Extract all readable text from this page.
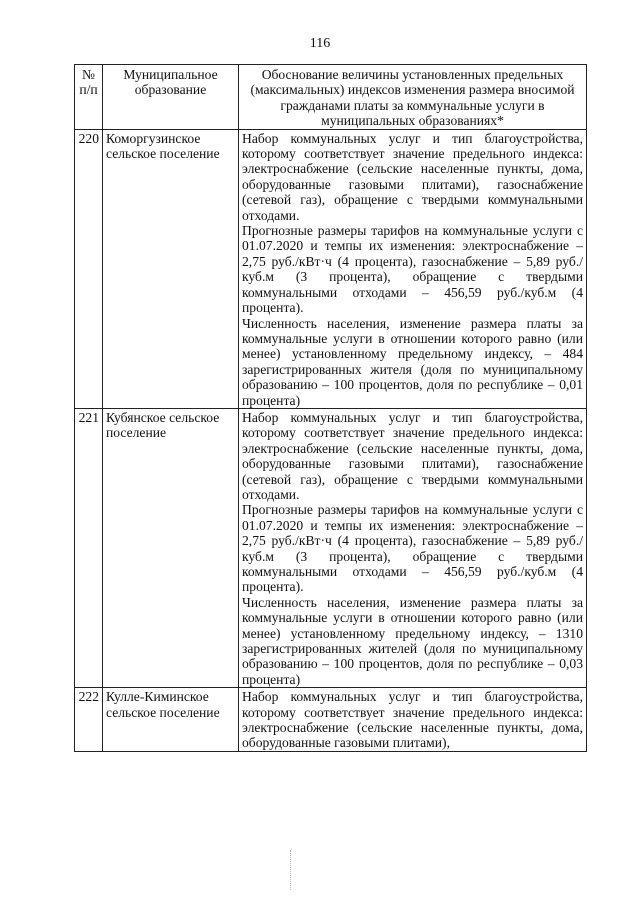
116
№ п/п	Муниципальное образование	Обоснование величины установленных предельных (максимальных) индексов изменения размера вносимой гражданами платы за коммунальные услуги в муниципальных образованиях*
220	Коморгузинское сельское поселение	Набор коммунальных услуг и тип благоустройства, которому соответствует значение предельного индекса: электроснабжение (сельские населенные пункты, дома, оборудованные газовыми плитами), газоснабжение (сетевой газ), обращение с твердыми коммунальными отходами.

Прогнозные размеры тарифов на коммунальные услуги с 01.07.2020 и темпы их изменения: электроснабжение – 2,75 руб./кВт·ч (4 процента), газоснабжение – 5,89 руб./куб.м (3 процента), обращение с твердыми коммунальными отходами – 456,59 руб./куб.м (4 процента).

Численность населения, изменение размера платы за коммунальные услуги в отношении которого равно (или менее) установленному предельному индексу, – 484 зарегистрированных жителя (доля по муниципальному образованию – 100 процентов, доля по республике – 0,01 процента)

221	Кубянское сельское поселение	Набор коммунальных услуг и тип благоустройства, которому соответствует значение предельного индекса: электроснабжение (сельские населенные пункты, дома, оборудованные газовыми плитами), газоснабжение (сетевой газ), обращение с твердыми коммунальными отходами.

Прогнозные размеры тарифов на коммунальные услуги с 01.07.2020 и темпы их изменения: электроснабжение – 2,75 руб./кВт·ч (4 процента), газоснабжение – 5,89 руб./куб.м (3 процента), обращение с твердыми коммунальными отходами – 456,59 руб./куб.м (4 процента).

Численность населения, изменение размера платы за коммунальные услуги в отношении которого равно (или менее) установленному предельному индексу, – 1310 зарегистрированных жителей (доля по муниципальному образованию – 100 процентов, доля по республике – 0,03 процента)

222	Кулле-Киминское сельское поселение	Набор коммунальных услуг и тип благоустройства, которому соответствует значение предельного индекса: электроснабжение (сельские населенные пункты, дома, оборудованные газовыми плитами),
